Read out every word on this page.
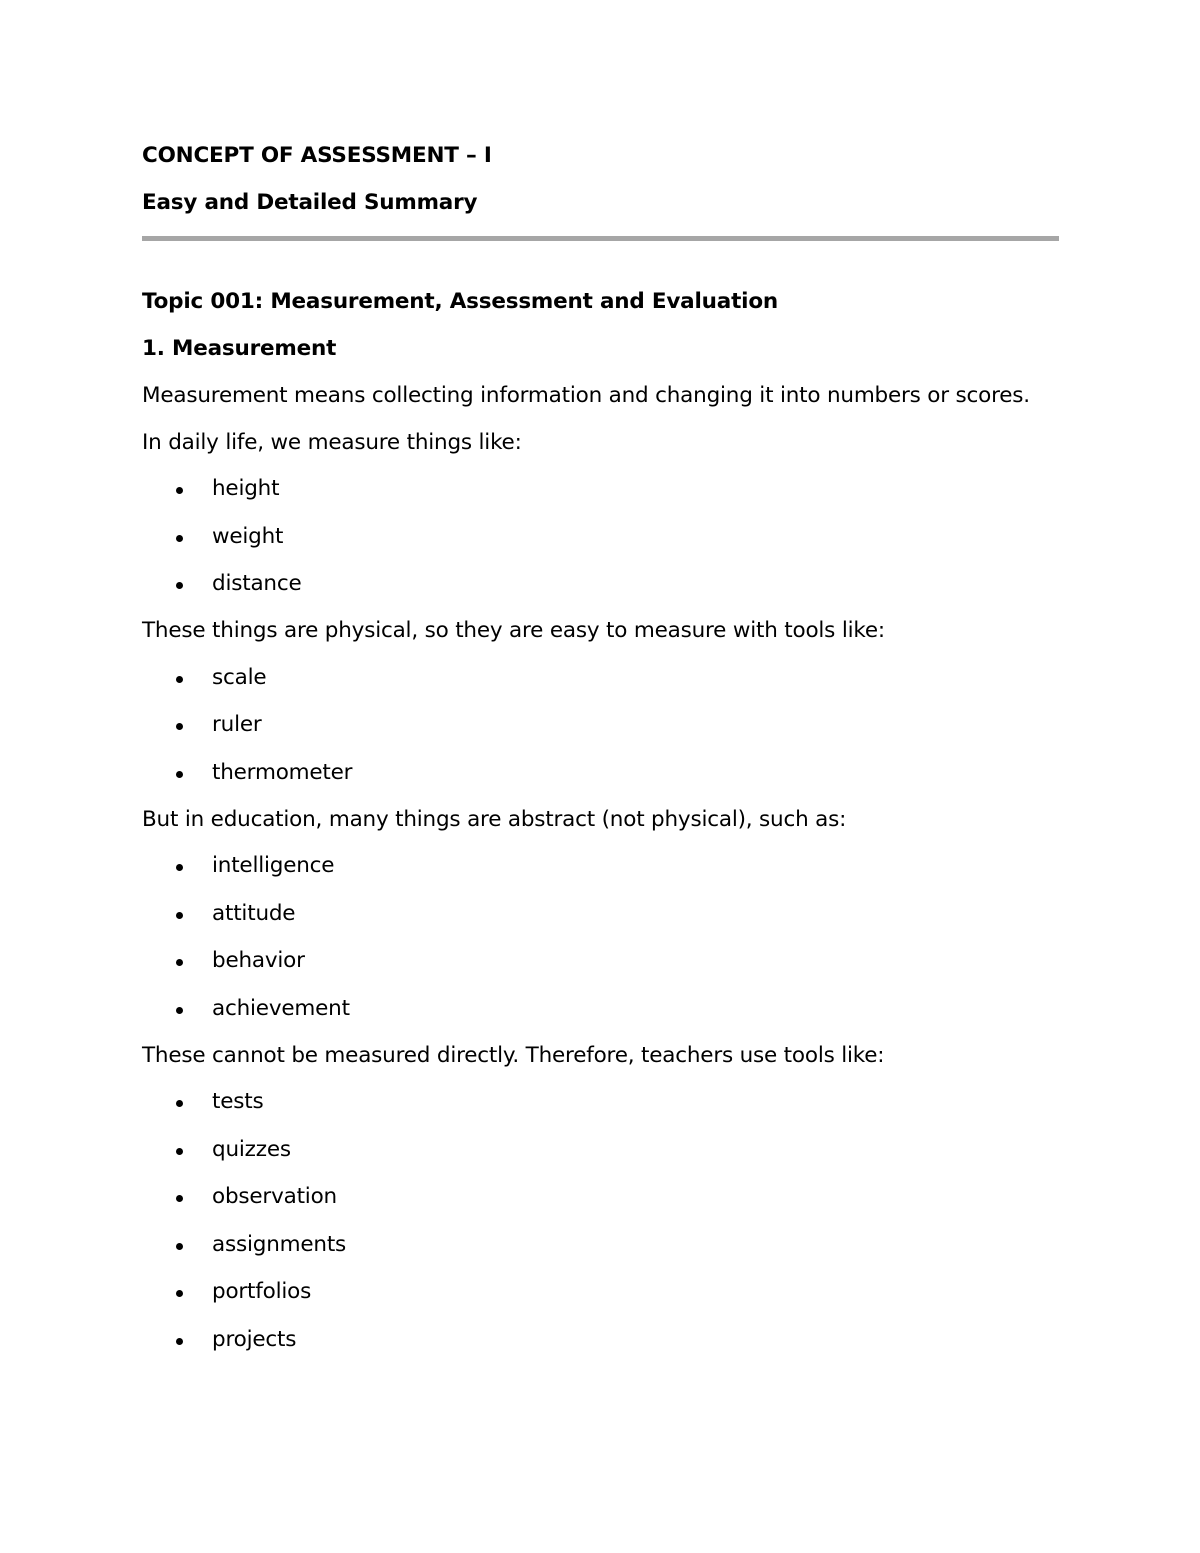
CONCEPT OF ASSESSMENT – I

Easy and Detailed Summary

Topic 001: Measurement, Assessment and Evaluation

1. Measurement

Measurement means collecting information and changing it into numbers or scores.

In daily life, we measure things like:

height
weight
distance

These things are physical, so they are easy to measure with tools like:

scale
ruler
thermometer

But in education, many things are abstract (not physical), such as:

intelligence
attitude
behavior
achievement

These cannot be measured directly. Therefore, teachers use tools like:

tests
quizzes
observation
assignments
portfolios
projects
